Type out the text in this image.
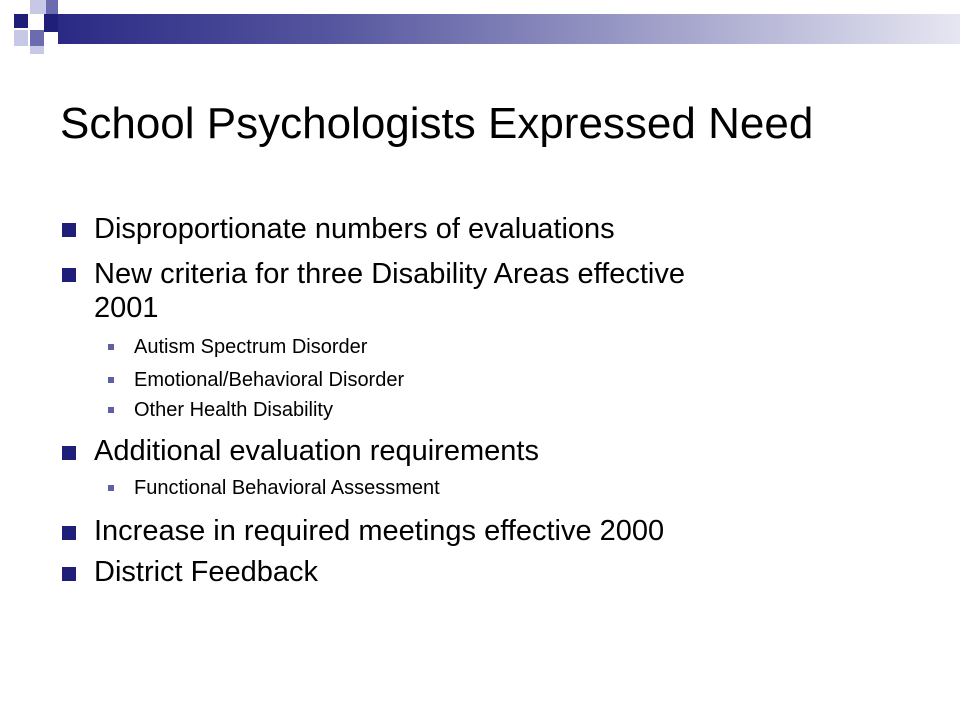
School Psychologists Expressed Need
Disproportionate numbers of evaluations
New criteria for three Disability Areas effective
2001
Autism Spectrum Disorder
Emotional/Behavioral Disorder
Other Health Disability
Additional evaluation requirements
Functional Behavioral Assessment
Increase in required meetings effective 2000
District Feedback
